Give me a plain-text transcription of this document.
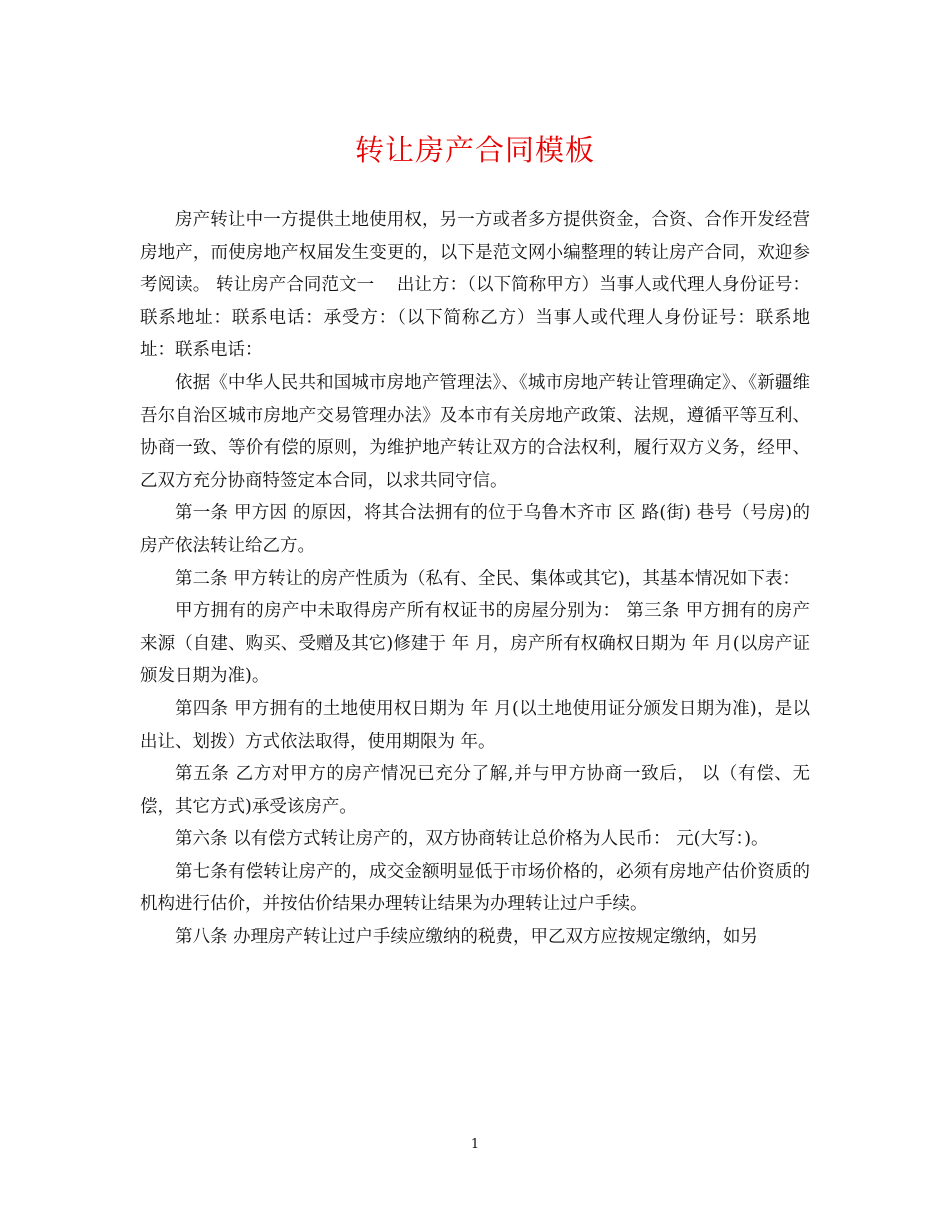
转让房产合同模板

房产转让中一方提供土地使用权，另一方或者多方提供资金，合资、合作开发经营房地产，而使房地产权届发生变更的，以下是范文网小编整理的转让房产合同，欢迎参考阅读。 转让房产合同范文一    出让方：（以下简称甲方）当事人或代理人身份证号：联系地址：联系电话：承受方：（以下简称乙方）当事人或代理人身份证号：联系地址：联系电话：

依据《中华人民共和国城市房地产管理法》、《城市房地产转让管理确定》、《新疆维吾尔自治区城市房地产交易管理办法》及本市有关房地产政策、法规，遵循平等互利、协商一致、等价有偿的原则，为维护地产转让双方的合法权利，履行双方义务，经甲、乙双方充分协商特签定本合同，以求共同守信。

第一条 甲方因 的原因，将其合法拥有的位于乌鲁木齐市 区 路(街) 巷号（号房)的房产依法转让给乙方。

第二条 甲方转让的房产性质为（私有、全民、集体或其它)，其基本情况如下表：

甲方拥有的房产中未取得房产所有权证书的房屋分别为： 第三条 甲方拥有的房产来源（自建、购买、受赠及其它)修建于 年 月，房产所有权确权日期为 年 月(以房产证颁发日期为准)。

第四条 甲方拥有的土地使用权日期为 年 月(以土地使用证分颁发日期为准)，是以 出让、划拨）方式依法取得，使用期限为 年。

第五条 乙方对甲方的房产情况已充分了解,并与甲方协商一致后， 以（有偿、无偿，其它方式)承受该房产。

第六条 以有偿方式转让房产的，双方协商转让总价格为人民币： 元(大写：)。

第七条有偿转让房产的，成交金额明显低于市场价格的，必须有房地产估价资质的机构进行估价，并按估价结果办理转让结果为办理转让过户手续。

第八条 办理房产转让过户手续应缴纳的税费，甲乙双方应按规定缴纳，如另

1
